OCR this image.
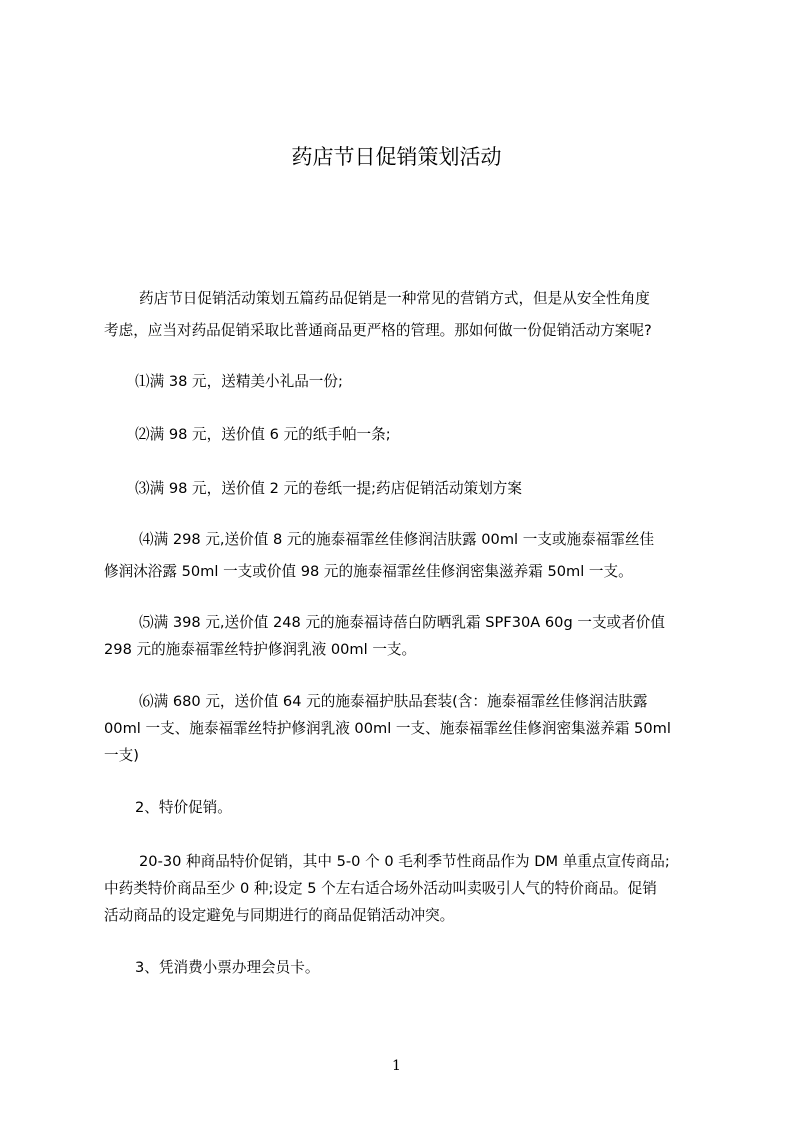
药店节日促销策划活动
药店节日促销活动策划五篇药品促销是一种常见的营销方式，但是从安全性角度
考虑，应当对药品促销采取比普通商品更严格的管理。那如何做一份促销活动方案呢?
⑴满 38 元，送精美小礼品一份;
⑵满 98 元，送价值 6 元的纸手帕一条;
⑶满 98 元，送价值 2 元的卷纸一提;药店促销活动策划方案
⑷满 298 元,送价值 8 元的施泰福霏丝佳修润洁肤露 00ml 一支或施泰福霏丝佳
修润沐浴露 50ml 一支或价值 98 元的施泰福霏丝佳修润密集滋养霜 50ml 一支。
⑸满 398 元,送价值 248 元的施泰福诗蓓白防晒乳霜 SPF30A 60g 一支或者价值
298 元的施泰福霏丝特护修润乳液 00ml 一支。
⑹满 680 元，送价值 64 元的施泰福护肤品套装(含：施泰福霏丝佳修润洁肤露
00ml 一支、施泰福霏丝特护修润乳液 00ml 一支、施泰福霏丝佳修润密集滋养霜 50ml
一支)
2、特价促销。
20-30 种商品特价促销，其中 5-0 个 0 毛利季节性商品作为 DM 单重点宣传商品;
中药类特价商品至少 0 种;设定 5 个左右适合场外活动叫卖吸引人气的特价商品。促销
活动商品的设定避免与同期进行的商品促销活动冲突。
3、凭消费小票办理会员卡。
1
